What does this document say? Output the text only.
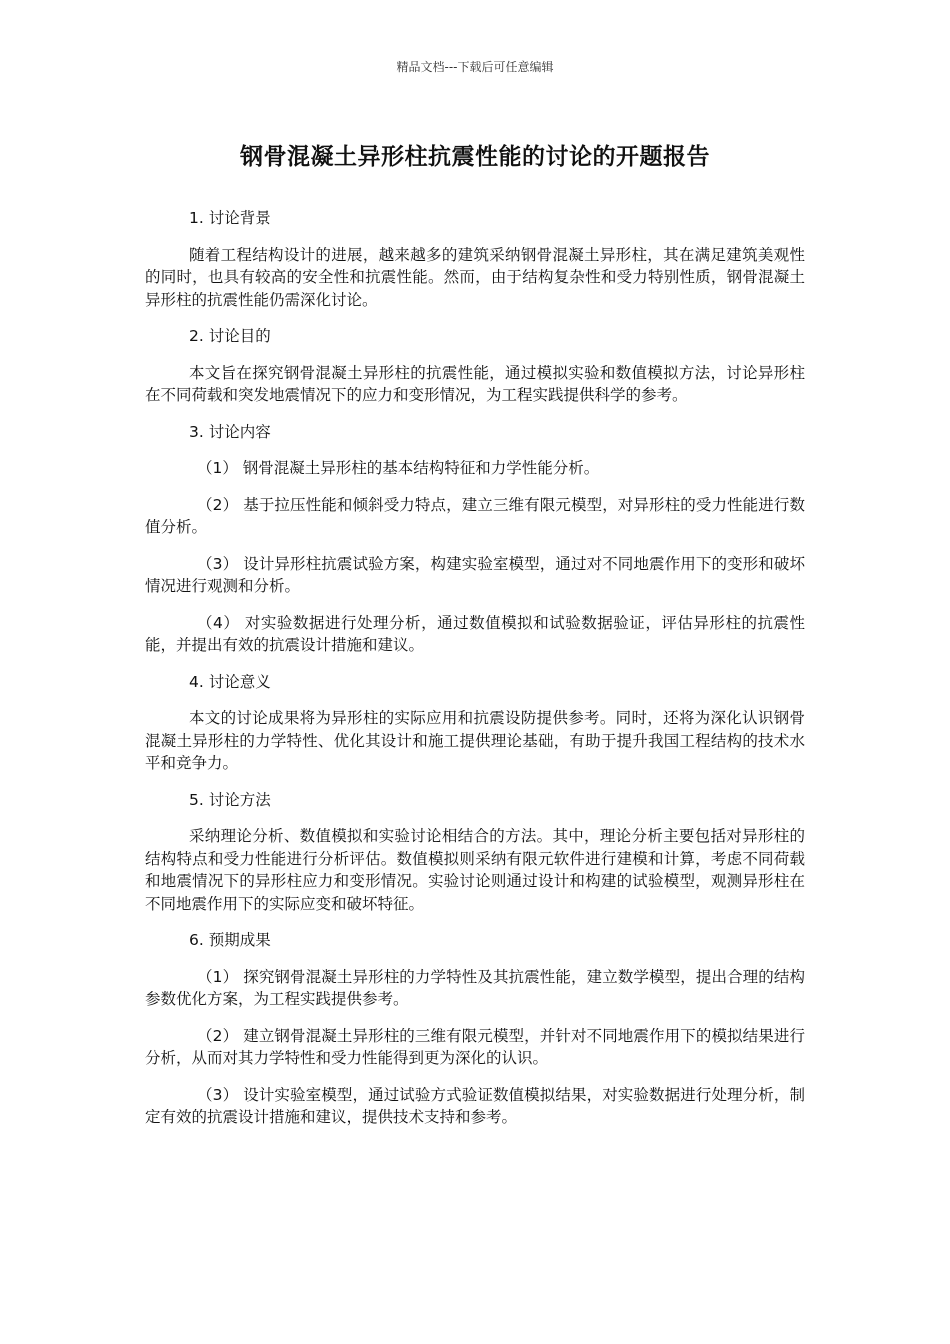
精品文档---下载后可任意编辑
钢骨混凝土异形柱抗震性能的讨论的开题报告

1. 讨论背景

随着工程结构设计的进展，越来越多的建筑采纳钢骨混凝土异形柱，其在满足建筑美观性的同时，也具有较高的安全性和抗震性能。然而，由于结构复杂性和受力特别性质，钢骨混凝土异形柱的抗震性能仍需深化讨论。

2. 讨论目的

本文旨在探究钢骨混凝土异形柱的抗震性能，通过模拟实验和数值模拟方法，讨论异形柱在不同荷载和突发地震情况下的应力和变形情况，为工程实践提供科学的参考。

3. 讨论内容

（1） 钢骨混凝土异形柱的基本结构特征和力学性能分析。

（2） 基于拉压性能和倾斜受力特点，建立三维有限元模型，对异形柱的受力性能进行数值分析。

（3） 设计异形柱抗震试验方案，构建实验室模型，通过对不同地震作用下的变形和破坏情况进行观测和分析。

（4） 对实验数据进行处理分析，通过数值模拟和试验数据验证，评估异形柱的抗震性能，并提出有效的抗震设计措施和建议。

4. 讨论意义

本文的讨论成果将为异形柱的实际应用和抗震设防提供参考。同时，还将为深化认识钢骨混凝土异形柱的力学特性、优化其设计和施工提供理论基础，有助于提升我国工程结构的技术水平和竞争力。

5. 讨论方法

采纳理论分析、数值模拟和实验讨论相结合的方法。其中，理论分析主要包括对异形柱的结构特点和受力性能进行分析评估。数值模拟则采纳有限元软件进行建模和计算，考虑不同荷载和地震情况下的异形柱应力和变形情况。实验讨论则通过设计和构建的试验模型，观测异形柱在不同地震作用下的实际应变和破坏特征。

6. 预期成果

（1） 探究钢骨混凝土异形柱的力学特性及其抗震性能，建立数学模型，提出合理的结构参数优化方案，为工程实践提供参考。

（2） 建立钢骨混凝土异形柱的三维有限元模型，并针对不同地震作用下的模拟结果进行分析，从而对其力学特性和受力性能得到更为深化的认识。

（3） 设计实验室模型，通过试验方式验证数值模拟结果，对实验数据进行处理分析，制定有效的抗震设计措施和建议，提供技术支持和参考。
